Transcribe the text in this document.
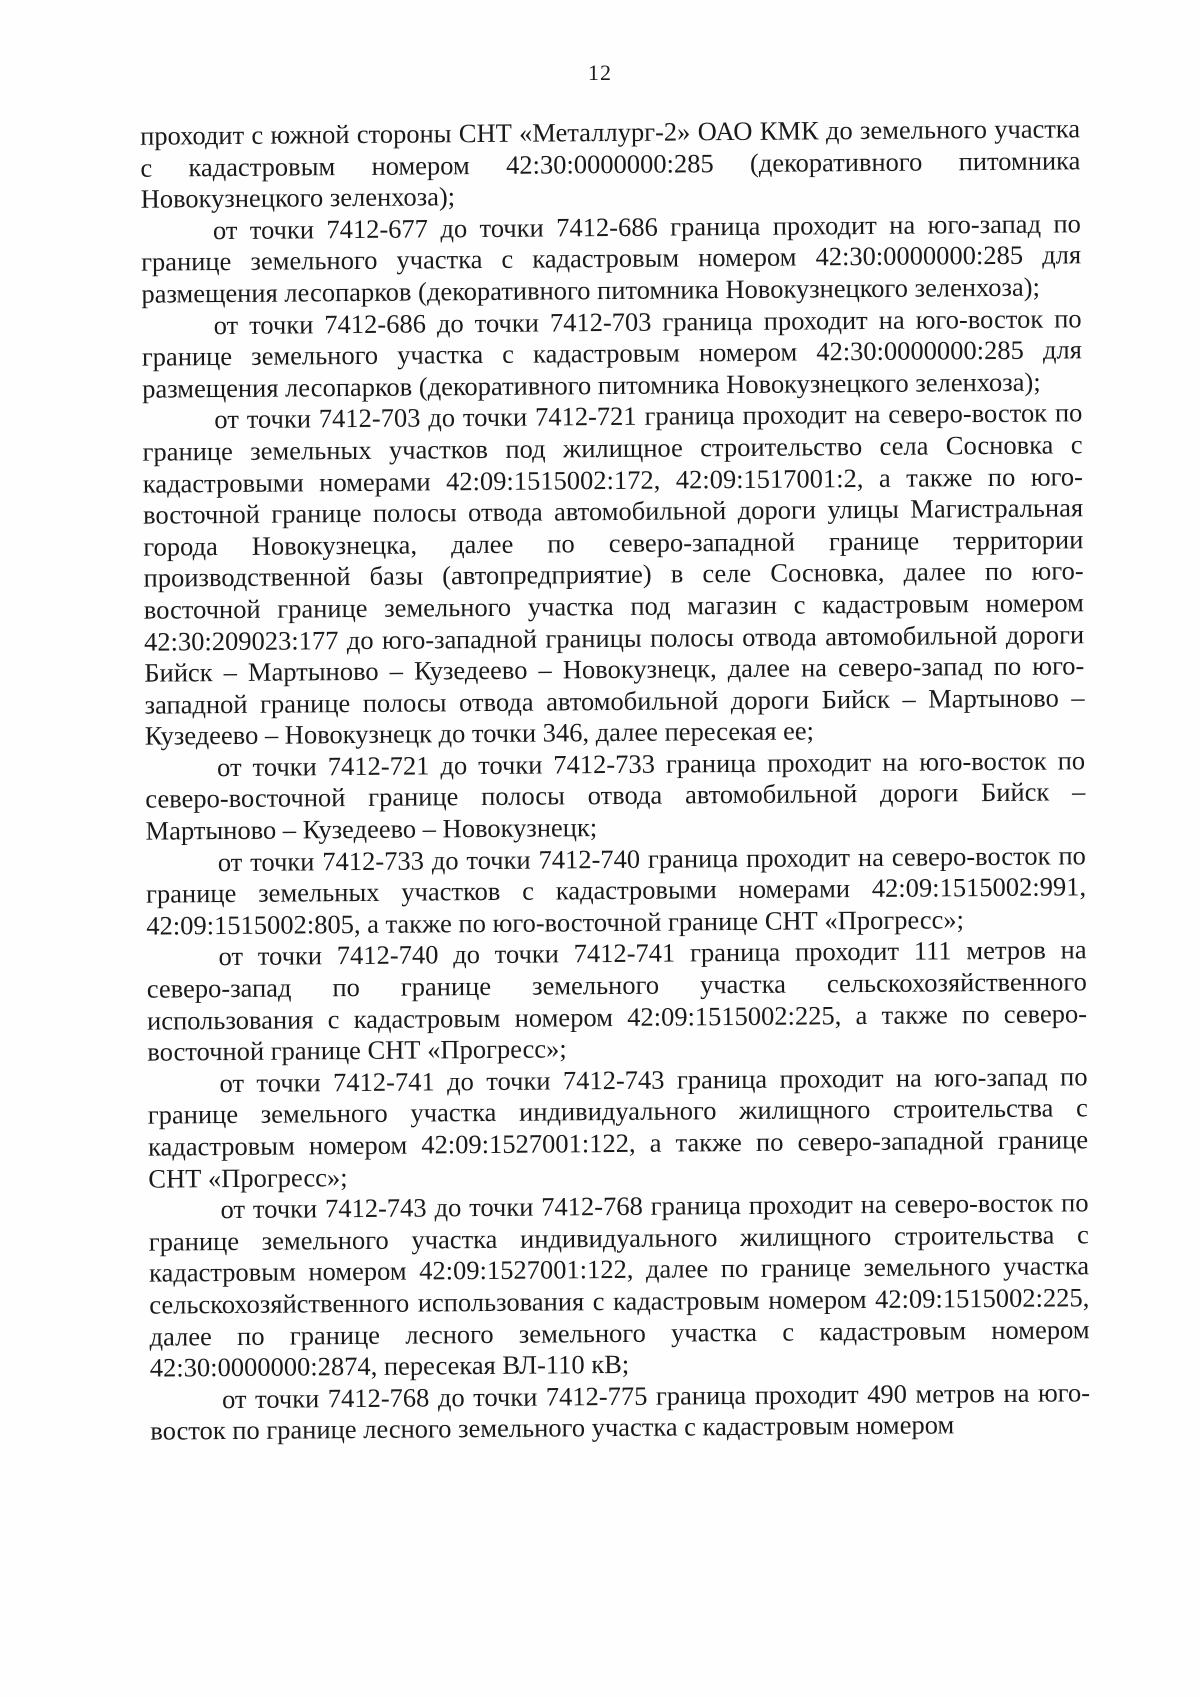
12

проходит с южной стороны СНТ «Металлург-2» ОАО КМК до земельного участка с кадастровым номером 42:30:0000000:285 (декоративного питомника Новокузнецкого зеленхоза);

от точки 7412-677 до точки 7412-686 граница проходит на юго-запад по границе земельного участка с кадастровым номером 42:30:0000000:285 для размещения лесопарков (декоративного питомника Новокузнецкого зеленхоза);

от точки 7412-686 до точки 7412-703 граница проходит на юго-восток по границе земельного участка с кадастровым номером 42:30:0000000:285 для размещения лесопарков (декоративного питомника Новокузнецкого зеленхоза);

от точки 7412-703 до точки 7412-721 граница проходит на северо-восток по границе земельных участков под жилищное строительство села Сосновка с кадастровыми номерами 42:09:1515002:172, 42:09:1517001:2, а также по юго-восточной границе полосы отвода автомобильной дороги улицы Магистральная города Новокузнецка, далее по северо-западной границе территории производственной базы (автопредприятие) в селе Сосновка, далее по юго-восточной границе земельного участка под магазин с кадастровым номером 42:30:209023:177 до юго-западной границы полосы отвода автомобильной дороги Бийск – Мартыново – Кузедеево – Новокузнецк, далее на северо-запад по юго-западной границе полосы отвода автомобильной дороги Бийск – Мартыново – Кузедеево – Новокузнецк до точки 346, далее пересекая ее;

от точки 7412-721 до точки 7412-733 граница проходит на юго-восток по северо-восточной границе полосы отвода автомобильной дороги Бийск – Мартыново – Кузедеево – Новокузнецк;

от точки 7412-733 до точки 7412-740 граница проходит на северо-восток по границе земельных участков с кадастровыми номерами 42:09:1515002:991, 42:09:1515002:805, а также по юго-восточной границе СНТ «Прогресс»;

от точки 7412-740 до точки 7412-741 граница проходит 111 метров на северо-запад по границе земельного участка сельскохозяйственного использования с кадастровым номером 42:09:1515002:225, а также по северо-восточной границе СНТ «Прогресс»;

от точки 7412-741 до точки 7412-743 граница проходит на юго-запад по границе земельного участка индивидуального жилищного строительства с кадастровым номером 42:09:1527001:122, а также по северо-западной границе СНТ «Прогресс»;

от точки 7412-743 до точки 7412-768 граница проходит на северо-восток по границе земельного участка индивидуального жилищного строительства с кадастровым номером 42:09:1527001:122, далее по границе земельного участка сельскохозяйственного использования с кадастровым номером 42:09:1515002:225, далее по границе лесного земельного участка с кадастровым номером 42:30:0000000:2874, пересекая ВЛ-110 кВ;

от точки 7412-768 до точки 7412-775 граница проходит 490 метров на юго-восток по границе лесного земельного участка с кадастровым номером
